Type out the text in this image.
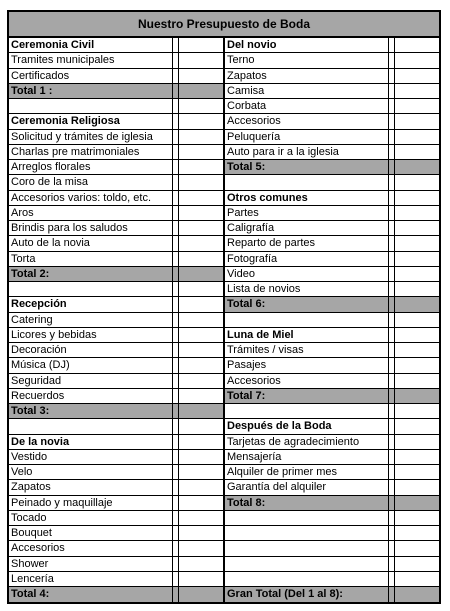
Nuestro Presupuesto de Boda
Ceremonia Civil
Tramites municipales
Certificados
Total 1 :
Ceremonia Religiosa
Solicitud y trámites de iglesia
Charlas pre matrimoniales
Arreglos florales
Coro de la misa
Accesorios varios: toldo, etc.
Aros
Brindis para los saludos
Auto de la novia
Torta
Total 2:
Recepción
Catering
Licores y bebidas
Decoración
Música (DJ)
Seguridad
Recuerdos
Total 3:
De la novia
Vestido
Velo
Zapatos
Peinado y maquillaje
Tocado
Bouquet
Accesorios
Shower
Lencería
Total 4:
Del novio
Terno
Zapatos
Camisa
Corbata
Accesorios
Peluquería
Auto para ir a la iglesia
Total 5:
Otros comunes
Partes
Caligrafía
Reparto de partes
Fotografía
Video
Lista de novios
Total 6:
Luna de Miel
Trámites / visas
Pasajes
Accesorios
Total 7:
Después de la Boda
Tarjetas de agradecimiento
Mensajería
Alquiler de primer mes
Garantía del alquiler
Total 8:
Gran Total (Del 1 al 8):
